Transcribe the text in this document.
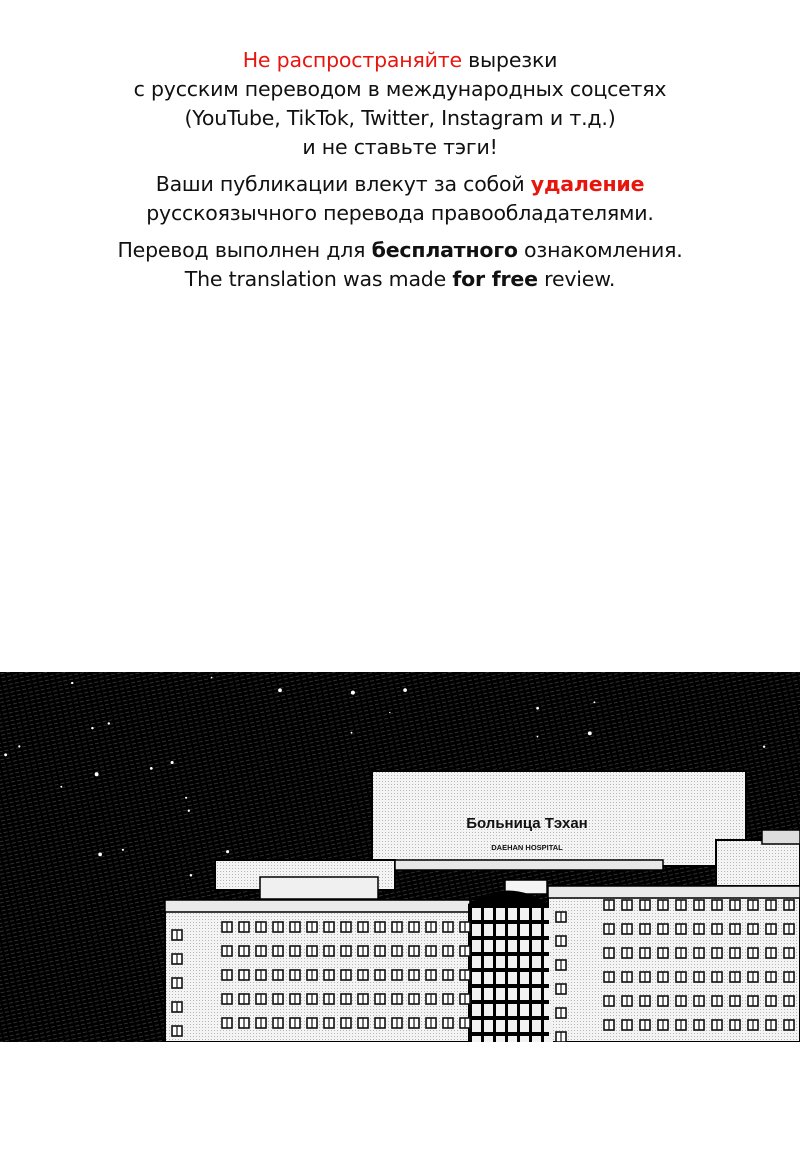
Не распространяйте вырезки
с русским переводом в международных соцсетях
(YouTube, TikTok, Twitter, Instagram и т.д.)
и не ставьте тэги!
Ваши публикации влекут за собой удаление
русскоязычного перевода правообладателями.
Перевод выполнен для бесплатного ознакомления.
The translation was made for free review.
Больница Тэхан
DAEHAN HOSPITAL
